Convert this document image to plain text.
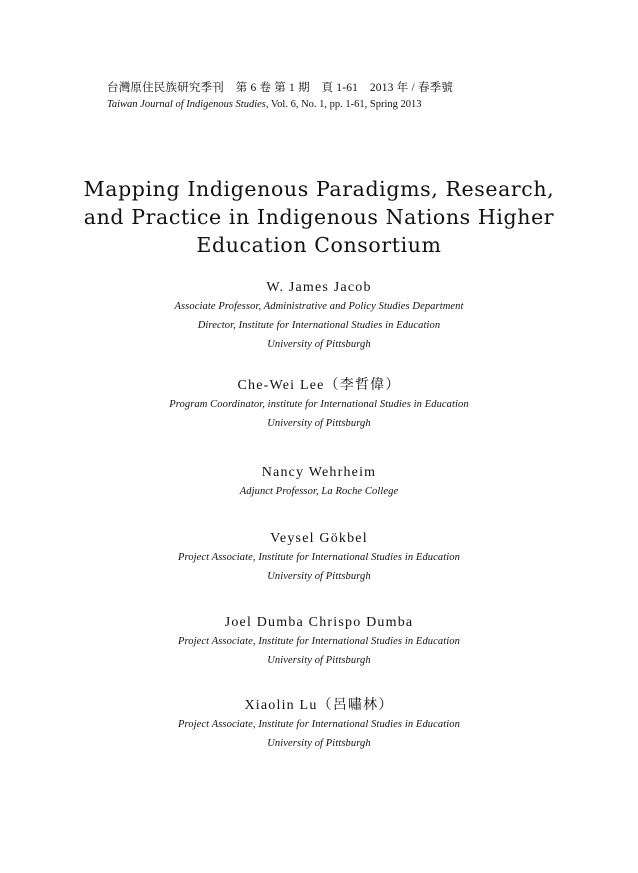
台灣原住民族研究季刊　第 6 卷 第 1 期　頁 1-61　2013 年 / 春季號
Taiwan Journal of Indigenous Studies, Vol. 6, No. 1, pp. 1-61, Spring 2013
Mapping Indigenous Paradigms, Research,
and Practice in Indigenous Nations Higher
Education Consortium
W. James Jacob
Associate Professor, Administrative and Policy Studies Department
Director, Institute for International Studies in Education
University of Pittsburgh
Che-Wei Lee（李哲偉）
Program Coordinator, institute for International Studies in Education
University of Pittsburgh
Nancy Wehrheim
Adjunct Professor, La Roche College
Veysel Gökbel
Project Associate, Institute for International Studies in Education
University of Pittsburgh
Joel Dumba Chrispo Dumba
Project Associate, Institute for International Studies in Education
University of Pittsburgh
Xiaolin Lu（呂嘯林）
Project Associate, Institute for International Studies in Education
University of Pittsburgh
